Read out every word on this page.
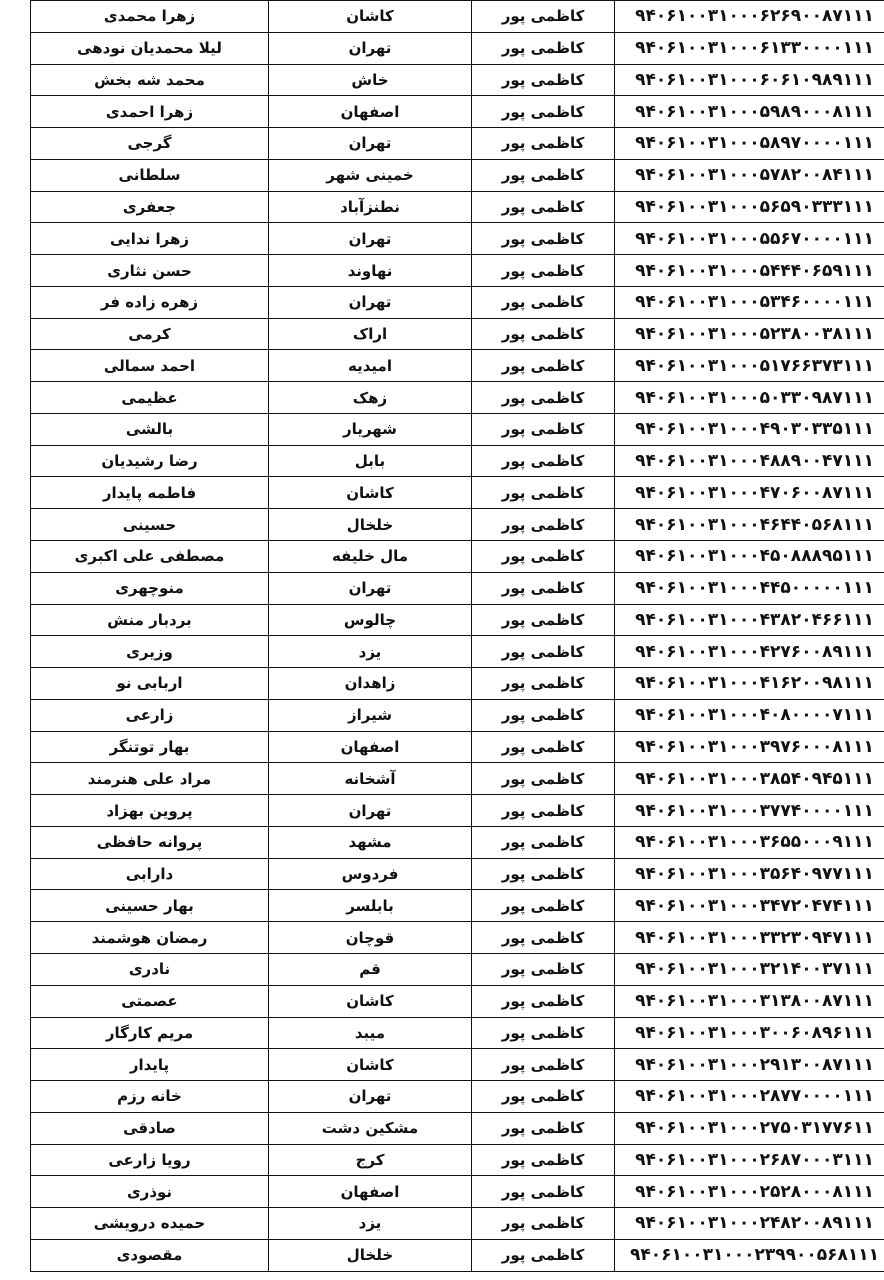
زهرا محمدی	کاشان	کاظمی پور	۹۴۰۶۱۰۰۳۱۰۰۰۶۲۶۹۰۰۸۷۱۱۱
لیلا محمدیان نودهی	تهران	کاظمی پور	۹۴۰۶۱۰۰۳۱۰۰۰۶۱۳۳۰۰۰۰۱۱۱
محمد شه بخش	خاش	کاظمی پور	۹۴۰۶۱۰۰۳۱۰۰۰۶۰۶۱۰۹۸۹۱۱۱
زهرا احمدی	اصفهان	کاظمی پور	۹۴۰۶۱۰۰۳۱۰۰۰۵۹۸۹۰۰۰۸۱۱۱
گرجی	تهران	کاظمی پور	۹۴۰۶۱۰۰۳۱۰۰۰۵۸۹۷۰۰۰۰۱۱۱
سلطانی	خمینی شهر	کاظمی پور	۹۴۰۶۱۰۰۳۱۰۰۰۵۷۸۲۰۰۸۴۱۱۱
جعفری	نطنز‌آباد	کاظمی پور	۹۴۰۶۱۰۰۳۱۰۰۰۵۶۵۹۰۳۳۳۱۱۱
زهرا ندایی	تهران	کاظمی پور	۹۴۰۶۱۰۰۳۱۰۰۰۵۵۶۷۰۰۰۰۱۱۱
حسن نثاری	نهاوند	کاظمی پور	۹۴۰۶۱۰۰۳۱۰۰۰۵۴۴۴۰۶۵۹۱۱۱
زهره زاده فر	تهران	کاظمی پور	۹۴۰۶۱۰۰۳۱۰۰۰۵۳۴۶۰۰۰۰۱۱۱
کرمی	اراک	کاظمی پور	۹۴۰۶۱۰۰۳۱۰۰۰۵۲۳۸۰۰۳۸۱۱۱
احمد سمالی	امیدیه	کاظمی پور	۹۴۰۶۱۰۰۳۱۰۰۰۵۱۷۶۶۳۷۳۱۱۱
عظیمی	زهک	کاظمی پور	۹۴۰۶۱۰۰۳۱۰۰۰۵۰۳۳۰۹۸۷۱۱۱
بالشی	شهریار	کاظمی پور	۹۴۰۶۱۰۰۳۱۰۰۰۴۹۰۳۰۳۳۵۱۱۱
رضا رشیدیان	بابل	کاظمی پور	۹۴۰۶۱۰۰۳۱۰۰۰۴۸۸۹۰۰۴۷۱۱۱
فاطمه پایدار	کاشان	کاظمی پور	۹۴۰۶۱۰۰۳۱۰۰۰۴۷۰۶۰۰۸۷۱۱۱
حسینی	خلخال	کاظمی پور	۹۴۰۶۱۰۰۳۱۰۰۰۴۶۴۴۰۵۶۸۱۱۱
مصطفی علی اکبری	مال خلیفه	کاظمی پور	۹۴۰۶۱۰۰۳۱۰۰۰۴۵۰۸۸۸۹۵۱۱۱
منوچهری	تهران	کاظمی پور	۹۴۰۶۱۰۰۳۱۰۰۰۴۴۵۰۰۰۰۰۱۱۱
بردبار منش	چالوس	کاظمی پور	۹۴۰۶۱۰۰۳۱۰۰۰۴۳۸۲۰۴۶۶۱۱۱
وزیری	یزد	کاظمی پور	۹۴۰۶۱۰۰۳۱۰۰۰۴۲۷۶۰۰۸۹۱۱۱
اربابی نو	زاهدان	کاظمی پور	۹۴۰۶۱۰۰۳۱۰۰۰۴۱۶۲۰۰۹۸۱۱۱
زارعی	شیراز	کاظمی پور	۹۴۰۶۱۰۰۳۱۰۰۰۴۰۸۰۰۰۰۷۱۱۱
بهار توتنگر	اصفهان	کاظمی پور	۹۴۰۶۱۰۰۳۱۰۰۰۳۹۷۶۰۰۰۸۱۱۱
مراد علی هنرمند	آشخانه	کاظمی پور	۹۴۰۶۱۰۰۳۱۰۰۰۳۸۵۴۰۹۴۵۱۱۱
پروین بهزاد	تهران	کاظمی پور	۹۴۰۶۱۰۰۳۱۰۰۰۳۷۷۴۰۰۰۰۱۱۱
پروانه حافظی	مشهد	کاظمی پور	۹۴۰۶۱۰۰۳۱۰۰۰۳۶۵۵۰۰۰۹۱۱۱
دارابی	فردوس	کاظمی پور	۹۴۰۶۱۰۰۳۱۰۰۰۳۵۶۴۰۹۷۷۱۱۱
بهار حسینی	بابلسر	کاظمی پور	۹۴۰۶۱۰۰۳۱۰۰۰۳۴۷۲۰۴۷۴۱۱۱
رمضان هوشمند	قوچان	کاظمی پور	۹۴۰۶۱۰۰۳۱۰۰۰۳۳۲۳۰۹۴۷۱۱۱
نادری	قم	کاظمی پور	۹۴۰۶۱۰۰۳۱۰۰۰۳۲۱۴۰۰۳۷۱۱۱
عصمتی	کاشان	کاظمی پور	۹۴۰۶۱۰۰۳۱۰۰۰۳۱۳۸۰۰۸۷۱۱۱
مریم کارگار	میبد	کاظمی پور	۹۴۰۶۱۰۰۳۱۰۰۰۳۰۰۶۰۸۹۶۱۱۱
پایدار	کاشان	کاظمی پور	۹۴۰۶۱۰۰۳۱۰۰۰۲۹۱۳۰۰۸۷۱۱۱
خانه رزم	تهران	کاظمی پور	۹۴۰۶۱۰۰۳۱۰۰۰۲۸۷۷۰۰۰۰۱۱۱
صادقی	مشکین دشت	کاظمی پور	۹۴۰۶۱۰۰۳۱۰۰۰۲۷۵۰۳۱۷۷۶۱۱
رویا زارعی	کرج	کاظمی پور	۹۴۰۶۱۰۰۳۱۰۰۰۲۶۸۷۰۰۰۳۱۱۱
نوذری	اصفهان	کاظمی پور	۹۴۰۶۱۰۰۳۱۰۰۰۲۵۲۸۰۰۰۸۱۱۱
حمیده درویشی	یزد	کاظمی پور	۹۴۰۶۱۰۰۳۱۰۰۰۲۴۸۲۰۰۸۹۱۱۱
مقصودی	خلخال	کاظمی پور	۹۴۰۶۱۰۰۳۱۰۰۰۲۳۹۹۰۰۵۶۸۱۱۱
